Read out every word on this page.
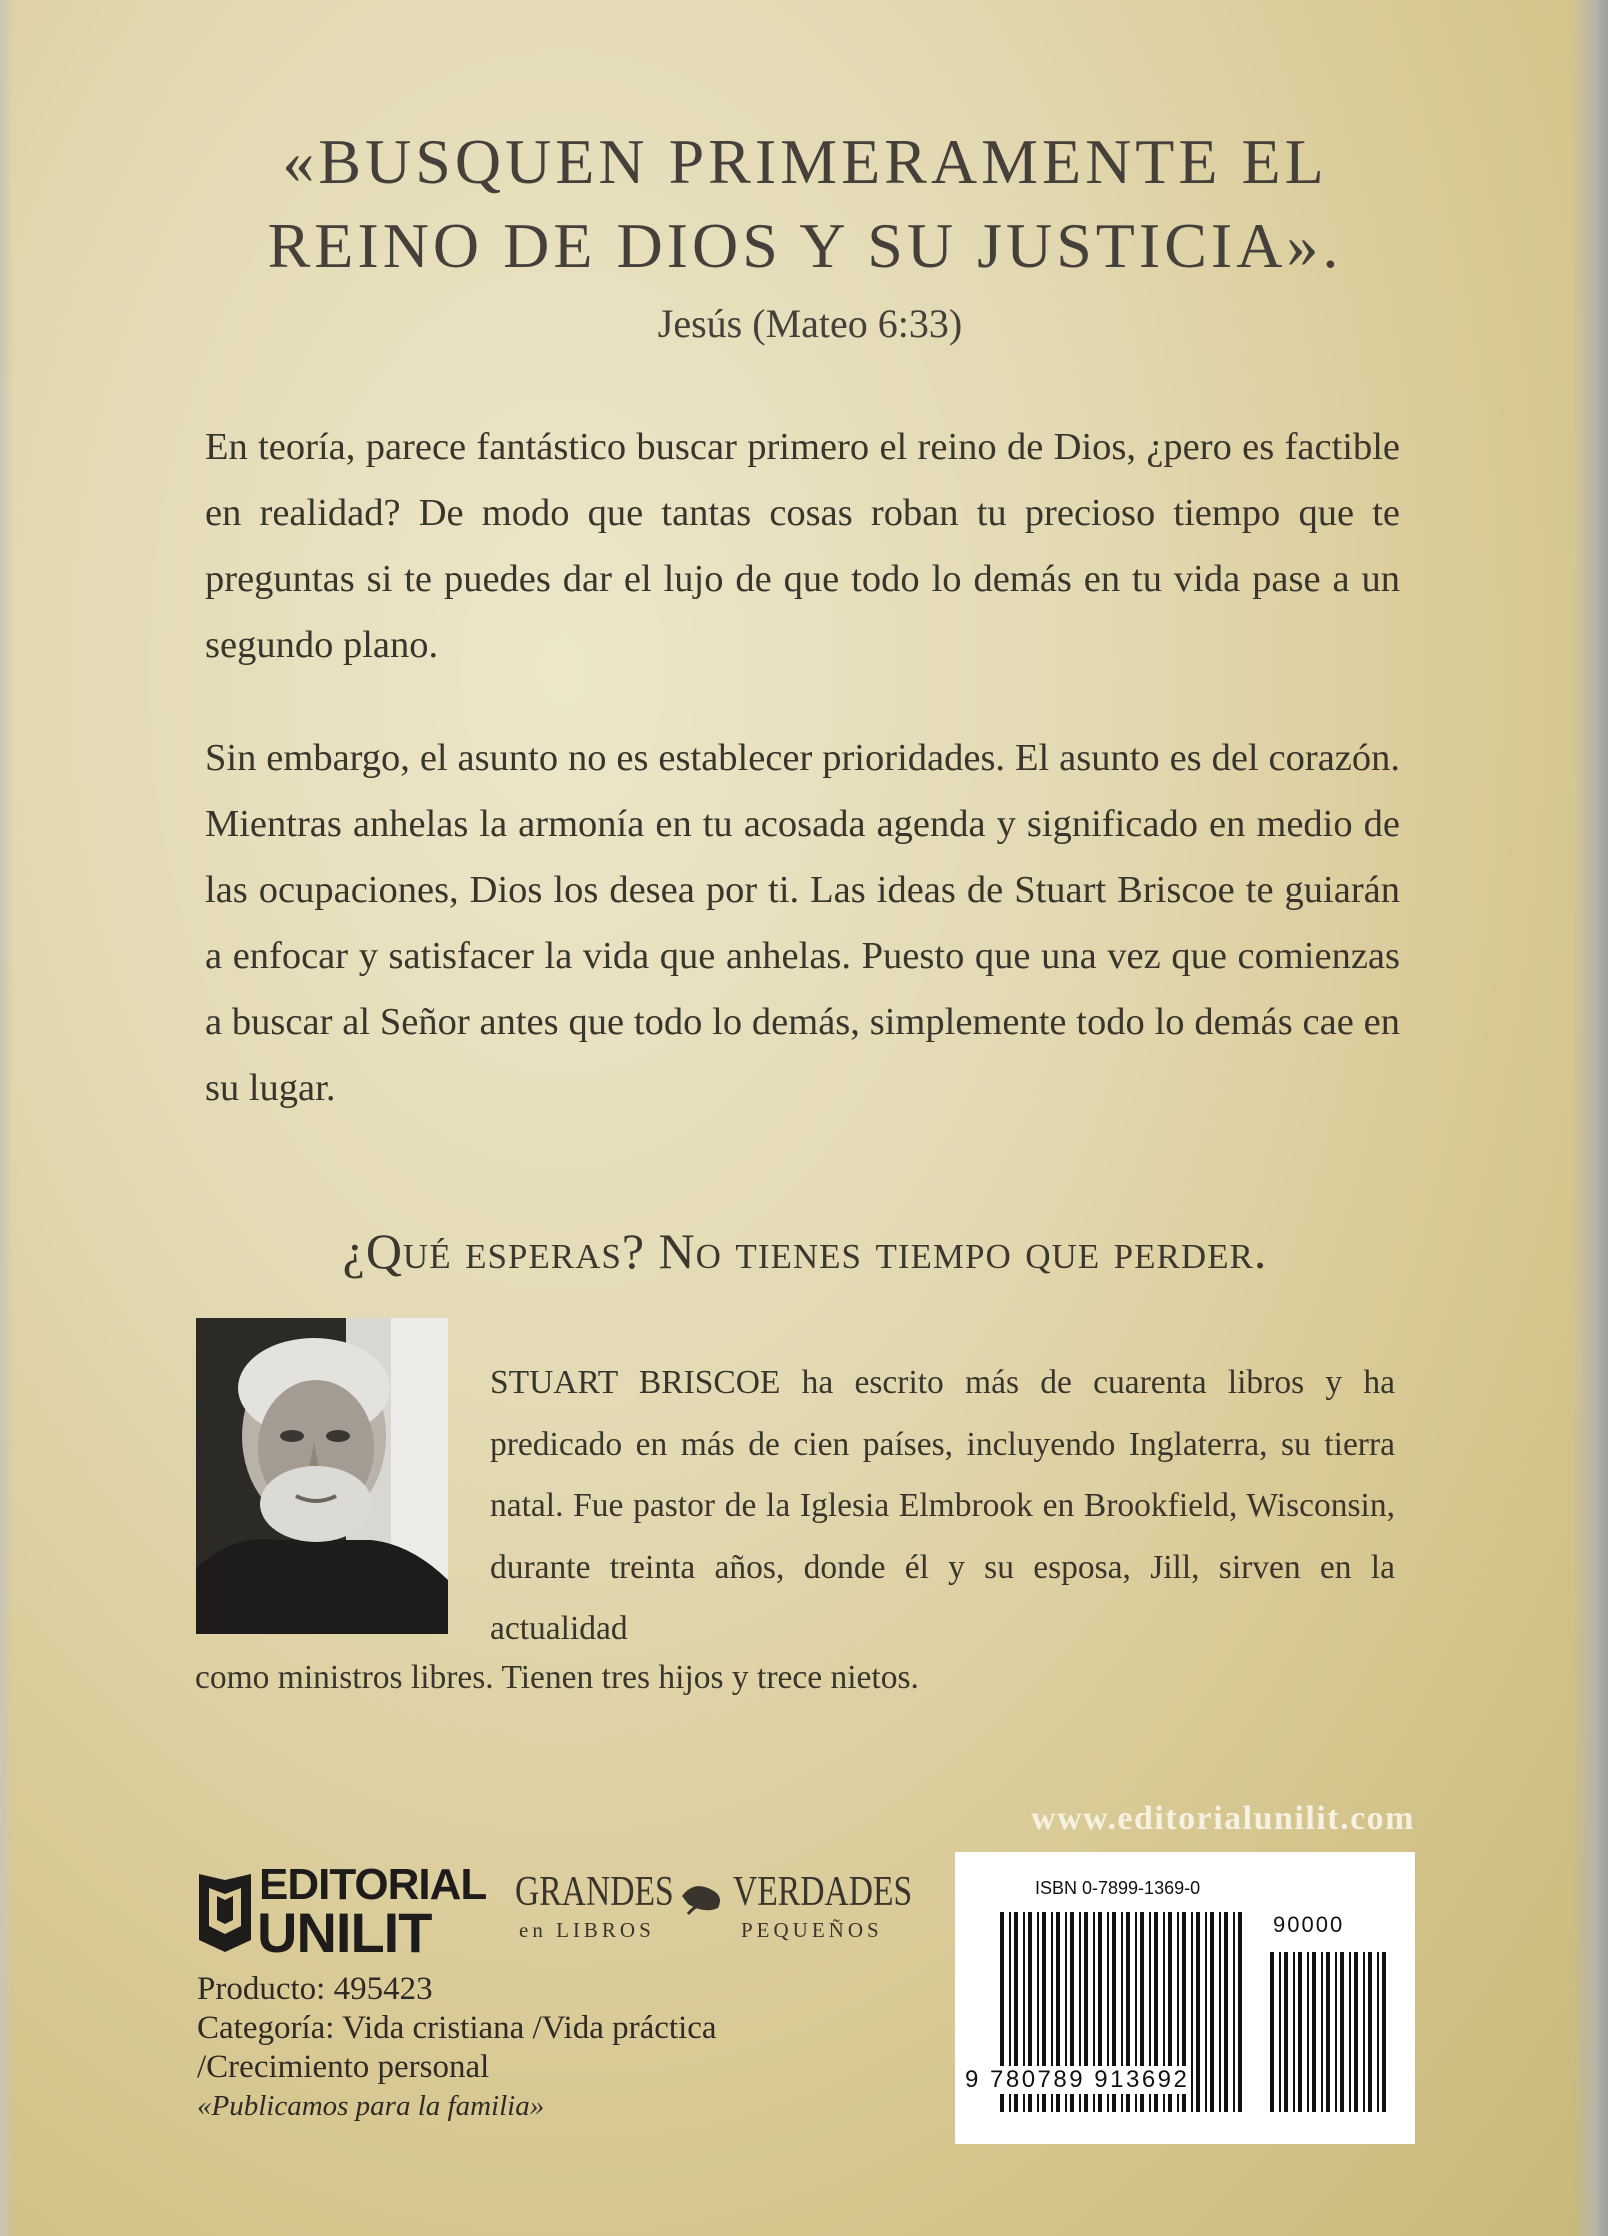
«BUSQUEN PRIMERAMENTE EL
REINO DE DIOS Y SU JUSTICIA».
Jesús (Mateo 6:33)
En teoría, parece fantástico buscar primero el reino de Dios, ¿pero es factible en realidad? De modo que tantas cosas roban tu precioso tiempo que te preguntas si te puedes dar el lujo de que todo lo demás en tu vida pase a un segundo plano.
Sin embargo, el asunto no es establecer prioridades. El asunto es del corazón. Mientras anhelas la armonía en tu acosada agenda y significado en medio de las ocupaciones, Dios los desea por ti. Las ideas de Stuart Briscoe te guiarán a enfocar y satisfacer la vida que anhelas. Puesto que una vez que comienzas a buscar al Señor antes que todo lo demás, simplemente todo lo demás cae en su lugar.
¿Qué esperas? No tienes tiempo que perder.
STUART BRISCOE ha escrito más de cuarenta libros y ha predicado en más de cien países, incluyendo Inglaterra, su tierra natal. Fue pastor de la Iglesia Elmbrook en Brookfield, Wisconsin, durante treinta años, donde él y su esposa, Jill, sirven en la actualidad
como ministros libres. Tienen tres hijos y trece nietos.
www.editorialunilit.com
EDITORIAL
UNILIT
GRANDES VERDADES
en LIBROS	PEQUEÑOS
Producto: 495423
Categoría: Vida cristiana /Vida práctica
/Crecimiento personal
«Publicamos para la familia»
ISBN 0-7899-1369-0
90000
9 780789 913692
